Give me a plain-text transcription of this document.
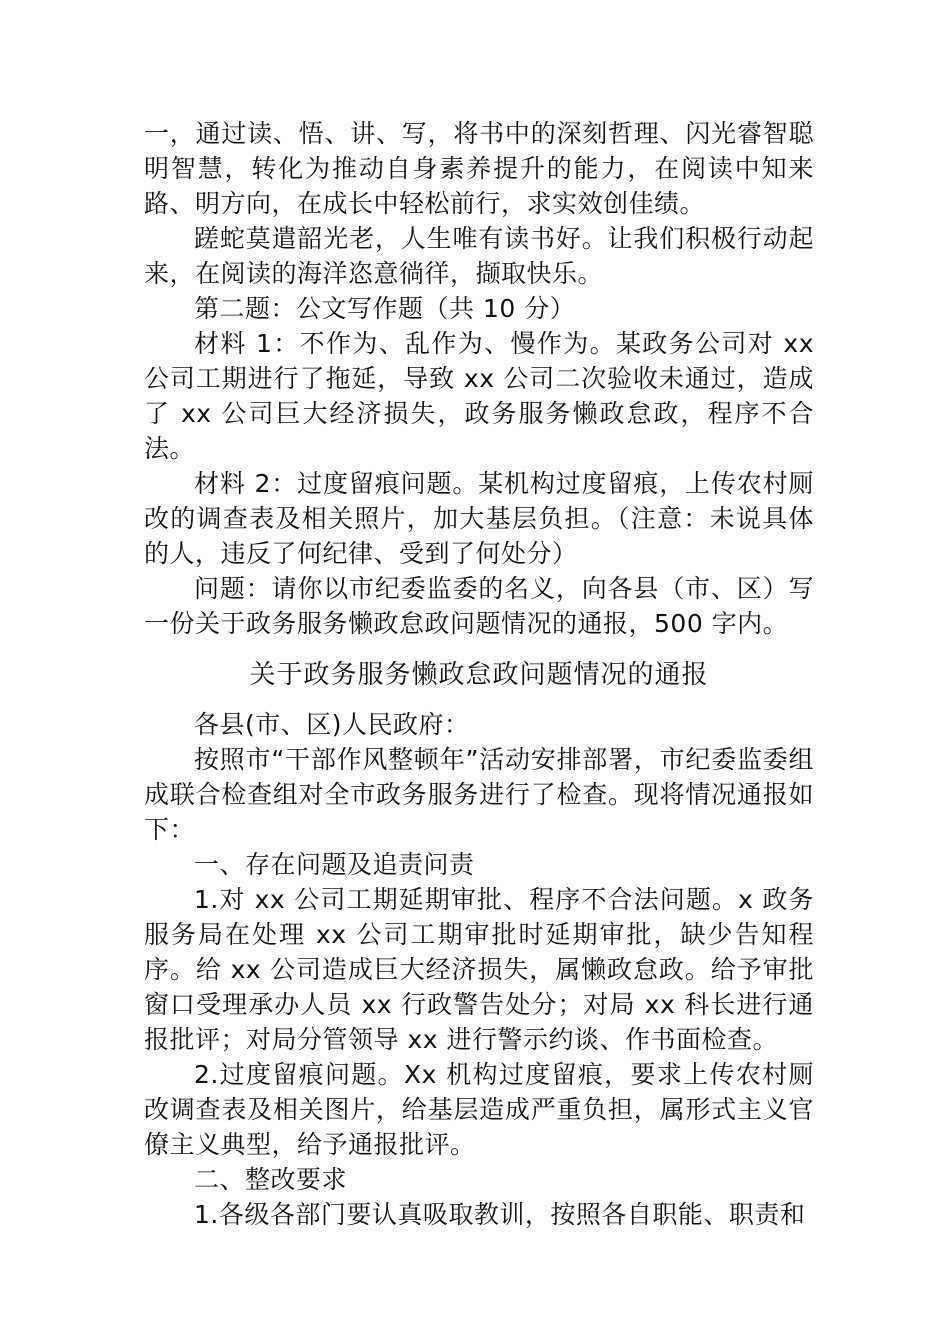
一，通过读、悟、讲、写，将书中的深刻哲理、闪光睿智聪明智慧，转化为推动自身素养提升的能力，在阅读中知来路、明方向，在成长中轻松前行，求实效创佳绩。

蹉蛇莫遣韶光老，人生唯有读书好。让我们积极行动起来，在阅读的海洋恣意徜徉，撷取快乐。

第二题：公文写作题（共 10 分）

材料 1：不作为、乱作为、慢作为。某政务公司对 xx 公司工期进行了拖延，导致 xx 公司二次验收未通过，造成了 xx 公司巨大经济损失，政务服务懒政怠政，程序不合法。

材料 2：过度留痕问题。某机构过度留痕，上传农村厕改的调查表及相关照片，加大基层负担。（注意：未说具体的人，违反了何纪律、受到了何处分）

问题：请你以市纪委监委的名义，向各县（市、区）写一份关于政务服务懒政怠政问题情况的通报，500 字内。

关于政务服务懒政怠政问题情况的通报

各县(市、区)人民政府：

按照市“干部作风整顿年”活动安排部署，市纪委监委组成联合检查组对全市政务服务进行了检查。现将情况通报如下：

一、存在问题及追责问责

1.对 xx 公司工期延期审批、程序不合法问题。x 政务服务局在处理 xx 公司工期审批时延期审批，缺少告知程序。给 xx 公司造成巨大经济损失，属懒政怠政。给予审批窗口受理承办人员 xx 行政警告处分；对局 xx 科长进行通报批评；对局分管领导 xx 进行警示约谈、作书面检查。

2.过度留痕问题。Xx 机构过度留痕，要求上传农村厕改调查表及相关图片，给基层造成严重负担，属形式主义官僚主义典型，给予通报批评。

二、整改要求

1.各级各部门要认真吸取教训，按照各自职能、职责和
